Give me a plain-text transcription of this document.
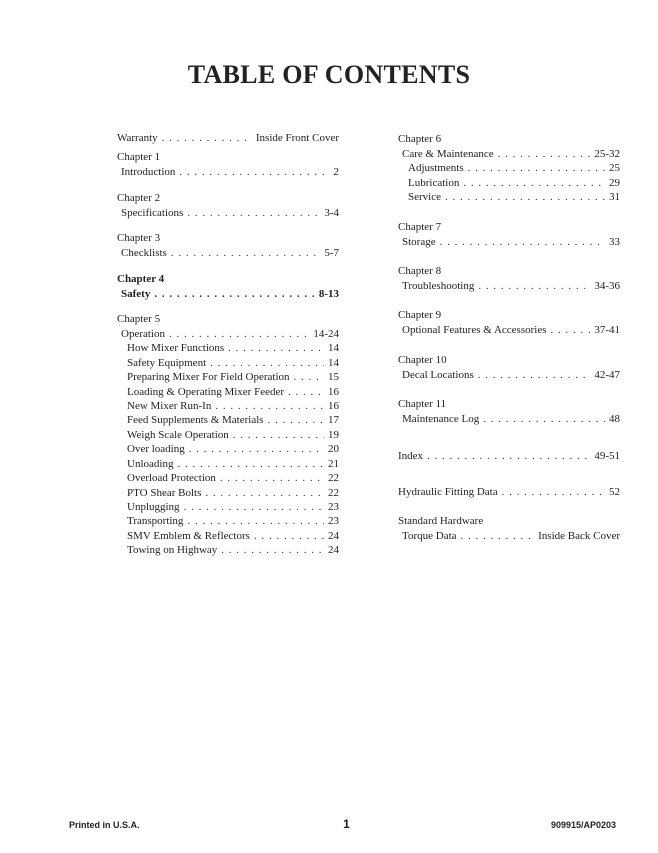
TABLE OF CONTENTS
Warranty . . .	Inside Front Cover
Chapter 1
Introduction . . .	2
Chapter 2
Specifications . . .	3-4
Chapter 3
Checklists . . .	5-7
Chapter 4
Safety . . .	8-13
Chapter 5
Operation . . .	14-24
How Mixer Functions . . .	14
Safety Equipment . . .	14
Preparing Mixer For Field Operation . . .	15
Loading & Operating Mixer Feeder . . .	16
New Mixer Run-In . . .	16
Feed Supplements & Materials . . .	17
Weigh Scale Operation . . .	19
Over loading . . .	20
Unloading . . .	21
Overload Protection . . .	22
PTO Shear Bolts . . .	22
Unplugging . . .	23
Transporting . . .	23
SMV Emblem & Reflectors . . .	24
Towing on Highway . . .	24
Chapter 6
Care & Maintenance . . .	25-32
Adjustments . . .	25
Lubrication . . .	29
Service . . .	31
Chapter 7
Storage . . .	33
Chapter 8
Troubleshooting . . .	34-36
Chapter 9
Optional Features & Accessories . . .	37-41
Chapter 10
Decal Locations . . .	42-47
Chapter 11
Maintenance Log . . .	48
Index . . .	49-51
Hydraulic Fitting Data . . .	52
Standard Hardware
Torque Data . . .	Inside Back Cover
Printed in U.S.A.	1	909915/AP0203
